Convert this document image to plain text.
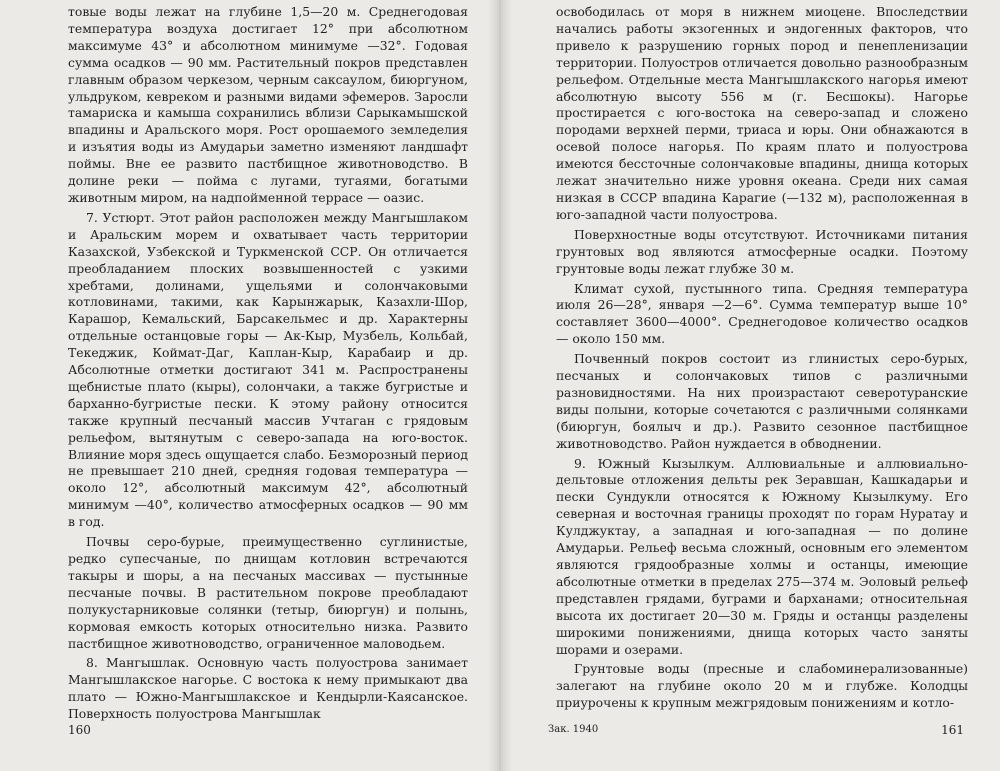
товые воды лежат на глубине 1,5—20 м. Среднегодовая температура воздуха достигает 12° при абсолютном максимуме 43° и абсолютном минимуме —32°. Годовая сумма осадков — 90 мм. Растительный покров представлен главным образом черкезом, черным саксаулом, биюргуном, ульдруком, кевреком и разными видами эфемеров. Заросли тамариска и камыша сохранились вблизи Сарыкамышской впадины и Аральского моря. Рост орошаемого земледелия и изъятия воды из Амударьи заметно изменяют ландшафт поймы. Вне ее развито пастбищное животноводство. В долине реки — пойма с лугами, тугаями, богатыми животным миром, на надпойменной террасе — оазис.

7. Устюрт. Этот район расположен между Мангышлаком и Аральским морем и охватывает часть территории Казахской, Узбекской и Туркменской ССР. Он отличается преобладанием плоских возвышенностей с узкими хребтами, долинами, ущельями и солончаковыми котловинами, такими, как Карынжарык, Казахли-Шор, Карашор, Кемальский, Барсакельмес и др. Характерны отдельные останцовые горы — Ак-Кыр, Музбель, Кольбай, Текеджик, Коймат-Даг, Каплан-Кыр, Карабаир и др. Абсолютные отметки достигают 341 м. Распространены щебнистые плато (кыры), солончаки, а также бугристые и барханно-бугристые пески. К этому району относится также крупный песчаный массив Учтаган с грядовым рельефом, вытянутым с северо-запада на юго-восток. Влияние моря здесь ощущается слабо. Безморозный период не превышает 210 дней, средняя годовая температура — около 12°, абсолютный максимум 42°, абсолютный минимум —40°, количество атмосферных осадков — 90 мм в год.

Почвы серо-бурые, преимущественно суглинистые, редко супесчаные, по днищам котловин встречаются такыры и шоры, а на песчаных массивах — пустынные песчаные почвы. В растительном покрове преобладают полукустарниковые солянки (тетыр, биюргун) и полынь, кормовая емкость которых относительно низка. Развито пастбищное животноводство, ограниченное маловодьем.

8. Мангышлак. Основную часть полуострова занимает Мангышлакское нагорье. С востока к нему примыкают два плато — Южно-Мангышлакское и Кендырли-Каясанское. Поверхность полуострова Мангышлак

160

освободилась от моря в нижнем миоцене. Впоследствии начались работы экзогенных и эндогенных факторов, что привело к разрушению горных пород и пенепленизации территории. Полуостров отличается довольно разнообразным рельефом. Отдельные места Мангышлакского нагорья имеют абсолютную высоту 556 м (г. Бесшокы). Нагорье простирается с юго-востока на северо-запад и сложено породами верхней перми, триаса и юры. Они обнажаются в осевой полосе нагорья. По краям плато и полуострова имеются бессточные солончаковые впадины, днища которых лежат значительно ниже уровня океана. Среди них самая низкая в СССР впадина Карагие (—132 м), расположенная в юго-западной части полуострова.

Поверхностные воды отсутствуют. Источниками питания грунтовых вод являются атмосферные осадки. Поэтому грунтовые воды лежат глубже 30 м.

Климат сухой, пустынного типа. Средняя температура июля 26—28°, января —2—6°. Сумма температур выше 10° составляет 3600—4000°. Среднегодовое количество осадков — около 150 мм.

Почвенный покров состоит из глинистых серо-бурых, песчаных и солончаковых типов с различными разновидностями. На них произрастают северотуранские виды полыни, которые сочетаются с различными солянками (биюргун, боялыч и др.). Развито сезонное пастбищное животноводство. Район нуждается в обводнении.

9. Южный Кызылкум. Аллювиальные и аллювиально-дельтовые отложения дельты рек Зеравшан, Кашкадарьи и пески Сундукли относятся к Южному Кызылкуму. Его северная и восточная границы проходят по горам Нуратау и Кулджуктау, а западная и юго-западная — по долине Амударьи. Рельеф весьма сложный, основным его элементом являются грядообразные холмы и останцы, имеющие абсолютные отметки в пределах 275—374 м. Эоловый рельеф представлен грядами, буграми и барханами; относительная высота их достигает 20—30 м. Гряды и останцы разделены широкими понижениями, днища которых часто заняты шорами и озерами.

Грунтовые воды (пресные и слабоминерализованные) залегают на глубине около 20 м и глубже. Колодцы приурочены к крупным межгрядовым понижениям и котло-

Зак. 1940	161
